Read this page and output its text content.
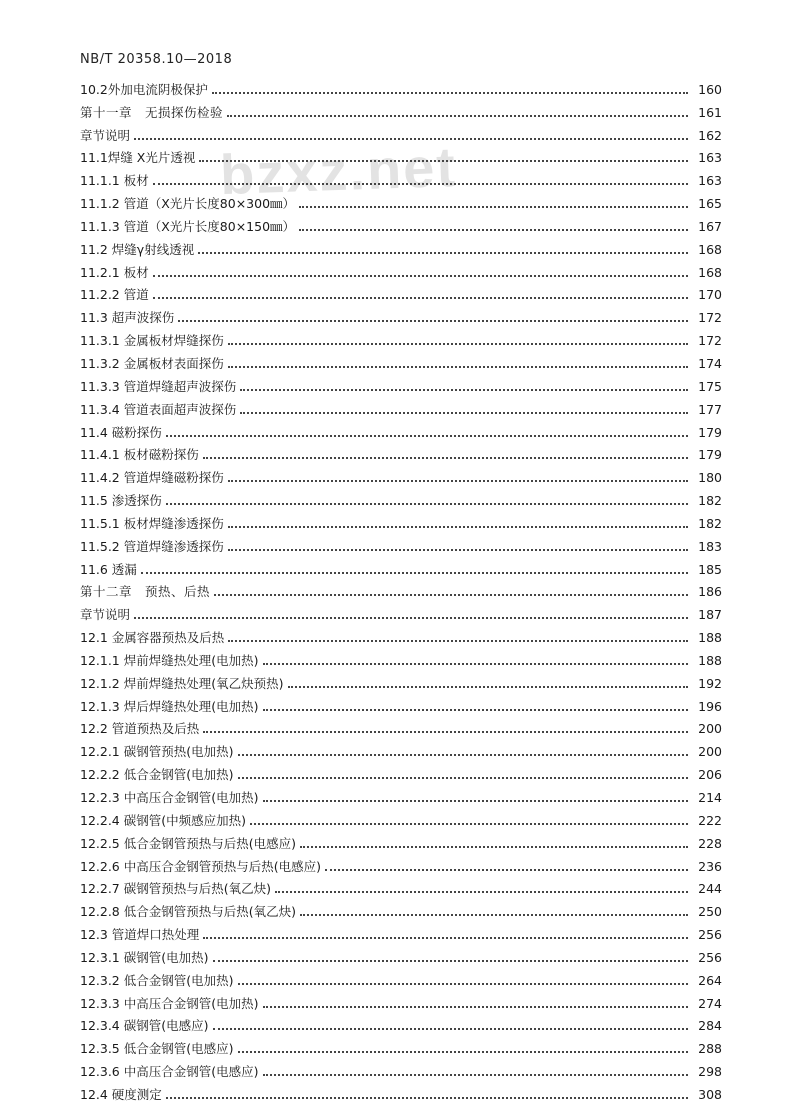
NB/T 20358.10—2018
bzxz.net
10.2外加电流阴极保护	160
第十一章　无损探伤检验	161
章节说明	162
11.1焊缝 X光片透视	163
11.1.1 板材	163
11.1.2 管道（X光片长度80×300㎜）	165
11.1.3 管道（X光片长度80×150㎜）	167
11.2 焊缝γ射线透视	168
11.2.1 板材	168
11.2.2 管道	170
11.3 超声波探伤	172
11.3.1 金属板材焊缝探伤	172
11.3.2 金属板材表面探伤	174
11.3.3 管道焊缝超声波探伤	175
11.3.4 管道表面超声波探伤	177
11.4 磁粉探伤	179
11.4.1 板材磁粉探伤	179
11.4.2 管道焊缝磁粉探伤	180
11.5 渗透探伤	182
11.5.1 板材焊缝渗透探伤	182
11.5.2 管道焊缝渗透探伤	183
11.6 透漏	185
第十二章　预热、后热	186
章节说明	187
12.1 金属容器预热及后热	188
12.1.1 焊前焊缝热处理(电加热)	188
12.1.2 焊前焊缝热处理(氧乙炔预热)	192
12.1.3 焊后焊缝热处理(电加热)	196
12.2 管道预热及后热	200
12.2.1 碳钢管预热(电加热)	200
12.2.2 低合金钢管(电加热)	206
12.2.3 中高压合金钢管(电加热)	214
12.2.4 碳钢管(中频感应加热)	222
12.2.5 低合金钢管预热与后热(电感应)	228
12.2.6 中高压合金钢管预热与后热(电感应)	236
12.2.7 碳钢管预热与后热(氧乙炔)	244
12.2.8 低合金钢管预热与后热(氧乙炔)	250
12.3 管道焊口热处理	256
12.3.1 碳钢管(电加热)	256
12.3.2 低合金钢管(电加热)	264
12.3.3 中高压合金钢管(电加热)	274
12.3.4 碳钢管(电感应)	284
12.3.5 低合金钢管(电感应)	288
12.3.6 中高压合金钢管(电感应)	298
12.4 硬度测定	308
